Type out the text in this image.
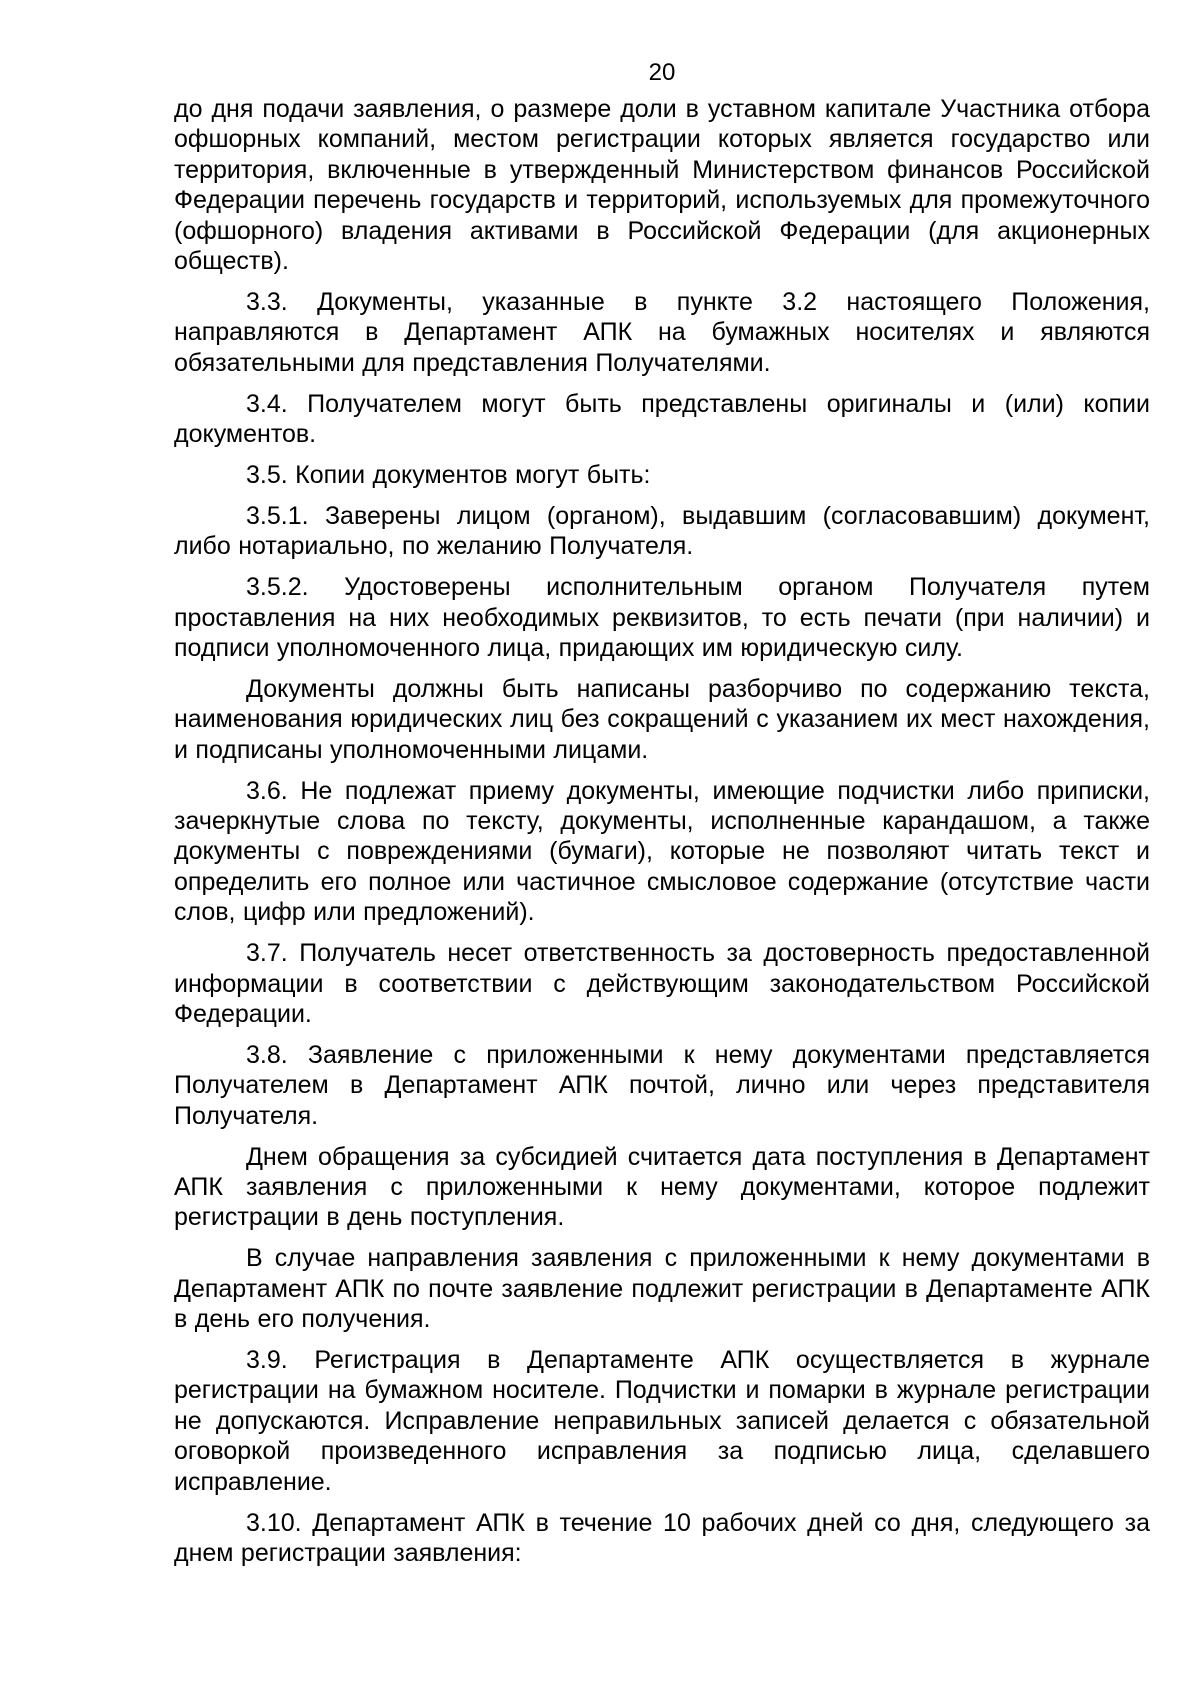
20

до дня подачи заявления, о размере доли в уставном капитале Участника отбора офшорных компаний, местом регистрации которых является государство или территория, включенные в утвержденный Министерством финансов Российской Федерации перечень государств и территорий, используемых для промежуточного (офшорного) владения активами в Российской Федерации (для акционерных обществ).

3.3. Документы, указанные в пункте 3.2 настоящего Положения, направляются в Департамент АПК на бумажных носителях и являются обязательными для представления Получателями.

3.4. Получателем могут быть представлены оригиналы и (или) копии документов.

3.5. Копии документов могут быть:

3.5.1. Заверены лицом (органом), выдавшим (согласовавшим) документ, либо нотариально, по желанию Получателя.

3.5.2. Удостоверены исполнительным органом Получателя путем проставления на них необходимых реквизитов, то есть печати (при наличии) и подписи уполномоченного лица, придающих им юридическую силу.

Документы должны быть написаны разборчиво по содержанию текста, наименования юридических лиц без сокращений с указанием их мест нахождения, и подписаны уполномоченными лицами.

3.6. Не подлежат приему документы, имеющие подчистки либо приписки, зачеркнутые слова по тексту, документы, исполненные карандашом, а также документы с повреждениями (бумаги), которые не позволяют читать текст и определить его полное или частичное смысловое содержание (отсутствие части слов, цифр или предложений).

3.7. Получатель несет ответственность за достоверность предоставленной информации в соответствии с действующим законодательством Российской Федерации.

3.8. Заявление с приложенными к нему документами представляется Получателем в Департамент АПК почтой, лично или через представителя Получателя.

Днем обращения за субсидией считается дата поступления в Департамент АПК заявления с приложенными к нему документами, которое подлежит регистрации в день поступления.

В случае направления заявления с приложенными к нему документами в Департамент АПК по почте заявление подлежит регистрации в Департаменте АПК в день его получения.

3.9. Регистрация в Департаменте АПК осуществляется в журнале регистрации на бумажном носителе. Подчистки и помарки в журнале регистрации не допускаются. Исправление неправильных записей делается с обязательной оговоркой произведенного исправления за подписью лица, сделавшего исправление.

3.10. Департамент АПК в течение 10 рабочих дней со дня, следующего за днем регистрации заявления:
